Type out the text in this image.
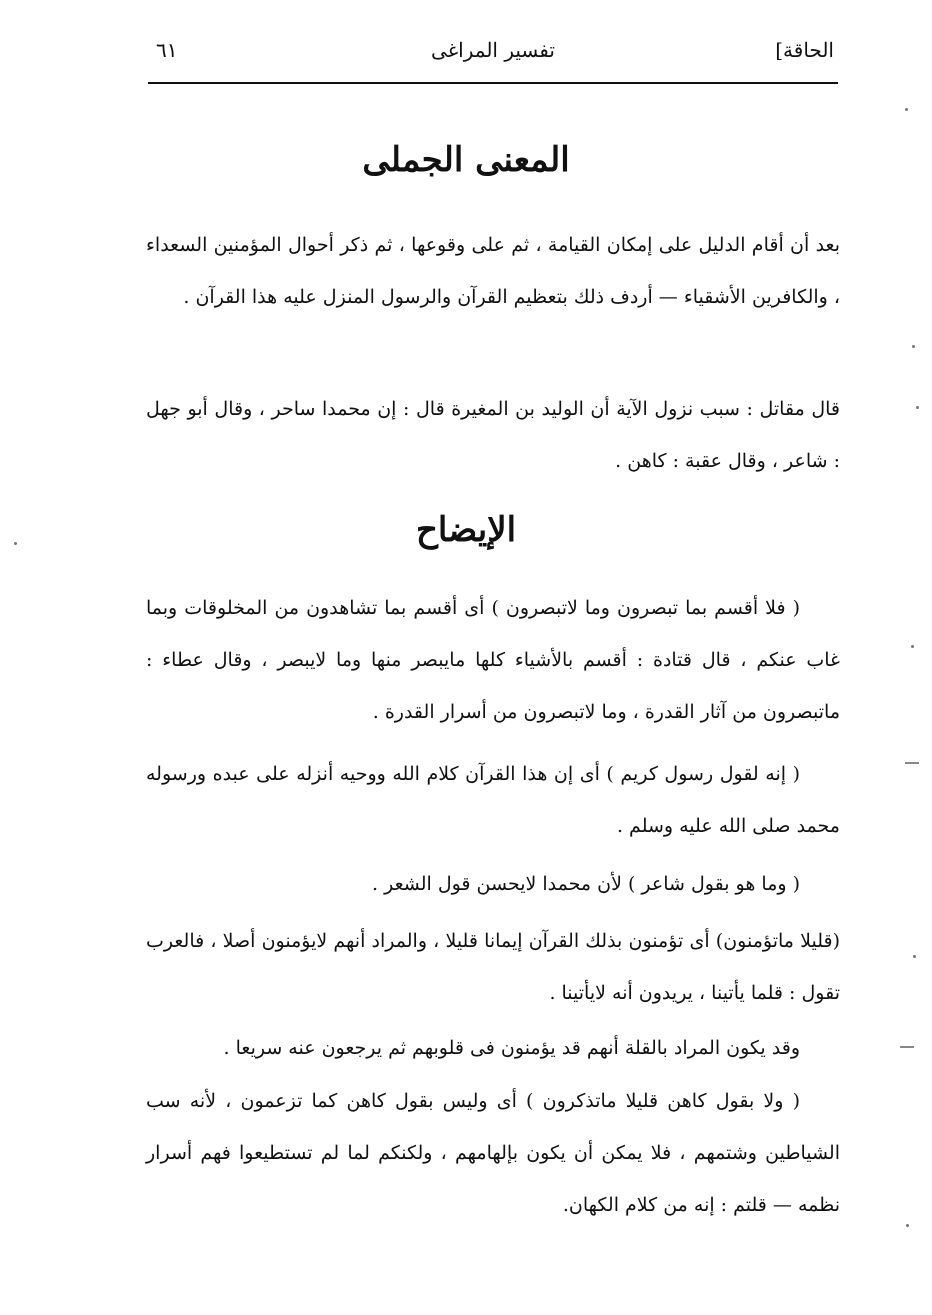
الحاقة]
تفسير المراغى
٦١
المعنى الجملى

بعد أن أقام الدليل على إمكان القيامة ، ثم على وقوعها ، ثم ذكر أحوال المؤمنين السعداء ، والكافرين الأشقياء — أردف ذلك بتعظيم القرآن والرسول المنزل عليه هذا القرآن .

قال مقاتل : سبب نزول الآية أن الوليد بن المغيرة قال : إن محمدا ساحر ، وقال أبو جهل : شاعر ، وقال عقبة : كاهن .

الإيضاح

( فلا أقسم بما تبصرون وما لاتبصرون ) أى أقسم بما تشاهدون من المخلوقات وبما غاب عنكم ، قال قتادة : أقسم بالأشياء كلها مايبصر منها وما لايبصر ، وقال عطاء : ماتبصرون من آثار القدرة ، وما لاتبصرون من أسرار القدرة .

( إنه لقول رسول كريم ) أى إن هذا القرآن كلام الله ووحيه أنزله على عبده ورسوله محمد صلى الله عليه وسلم .

( وما هو بقول شاعر ) لأن محمدا لايحسن قول الشعر .

(قليلا ماتؤمنون) أى تؤمنون بذلك القرآن إيمانا قليلا ، والمراد أنهم لايؤمنون أصلا ، فالعرب تقول : قلما يأتينا ، يريدون أنه لايأتينا .

وقد يكون المراد بالقلة أنهم قد يؤمنون فى قلوبهم ثم يرجعون عنه سريعا .

( ولا بقول كاهن قليلا ماتذكرون ) أى وليس بقول كاهن كما تزعمون ، لأنه سب الشياطين وشتمهم ، فلا يمكن أن يكون بإلهامهم ، ولكنكم لما لم تستطيعوا فهم أسرار نظمه — قلتم : إنه من كلام الكهان.
